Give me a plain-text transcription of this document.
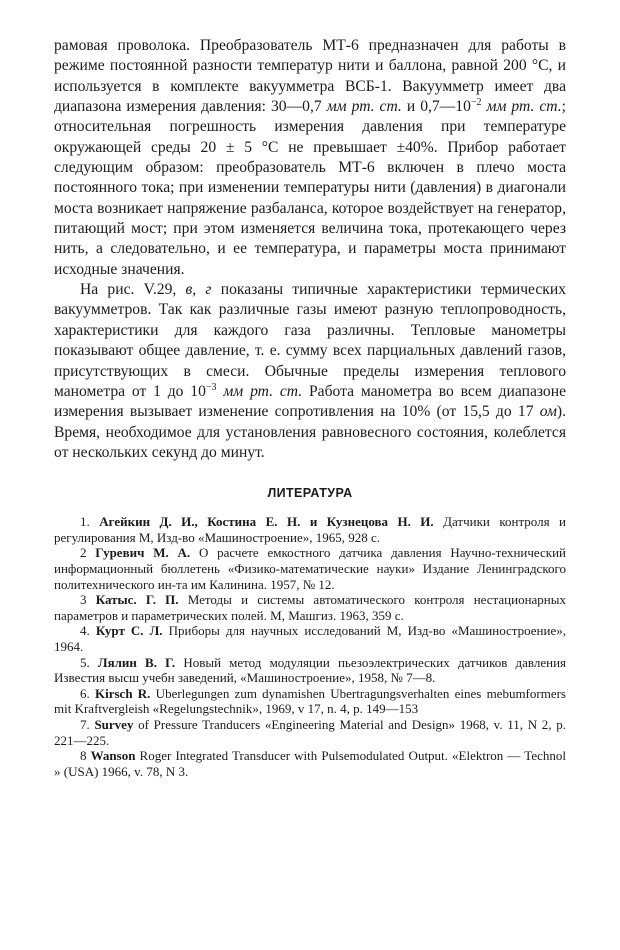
рамовая проволока. Преобразователь МТ-6 предназначен для работы в режиме постоянной разности температур нити и баллона, равной 200 °С, и используется в комплекте вакуумметра ВСБ-1. Вакуумметр имеет два диапазона измерения давления: 30—0,7 мм рт. ст. и $0,7—10^{-2}$ мм рт. ст.; относительная погрешность измерения давления при температуре окружающей среды 20 ± 5 °С не превышает ±40%. Прибор работает следующим образом: преобразователь МТ-6 включен в плечо моста постоянного тока; при изменении температуры нити (давления) в диагонали моста возникает напряжение разбаланса, которое воздействует на генератор, питающий мост; при этом изменяется величина тока, протекающего через нить, а следовательно, и ее температура, и параметры моста принимают исходные значения.

На рис. V.29, в, г показаны типичные характеристики термических вакуумметров. Так как различные газы имеют разную теплопроводность, характеристики для каждого газа различны. Тепловые манометры показывают общее давление, т. е. сумму всех парциальных давлений газов, присутствующих в смеси. Обычные пределы измерения теплового манометра от 1 до $10^{-3}$ мм рт. ст. Работа манометра во всем диапазоне измерения вызывает изменение сопротивления на 10% (от 15,5 до 17 ом). Время, необходимое для установления равновесного состояния, колеблется от нескольких секунд до минут.

ЛИТЕРАТУРА

1. Агейкин Д. И., Костина Е. Н. и Кузнецова Н. И. Датчики контроля и регулирования М, Изд-во «Машиностроение», 1965, 928 с.

2 Гуревич М. А. О расчете емкостного датчика давления Научно-технический информационный бюллетень «Физико-математические науки» Издание Ленинградского политехнического ин-та им Калинина. 1957, № 12.

3 Катыс. Г. П. Методы и системы автоматического контроля нестационарных параметров и параметрических полей. М, Машгиз. 1963, 359 с.

4. Курт С. Л. Приборы для научных исследований М, Изд-во «Машиностроение», 1964.

5. Лялин В. Г. Новый метод модуляции пьезоэлектрических датчиков давления Известия высш учебн заведений, «Машиностроение», 1958, № 7—8.

6. Kirsch R. Uberlegungen zum dynamishen Ubertragungsverhalten eines mebumformers mit Kraftvergleish «Regelungstechnik», 1969, v 17, n. 4, p. 149—153

7. Survey of Pressure Tranducers «Engineering Material and Design» 1968, v. 11, N 2, p. 221—225.

8 Wanson Roger Integrated Transducer with Pulsemodulated Output. «Elektron — Technol » (USA) 1966, v. 78, N 3.
